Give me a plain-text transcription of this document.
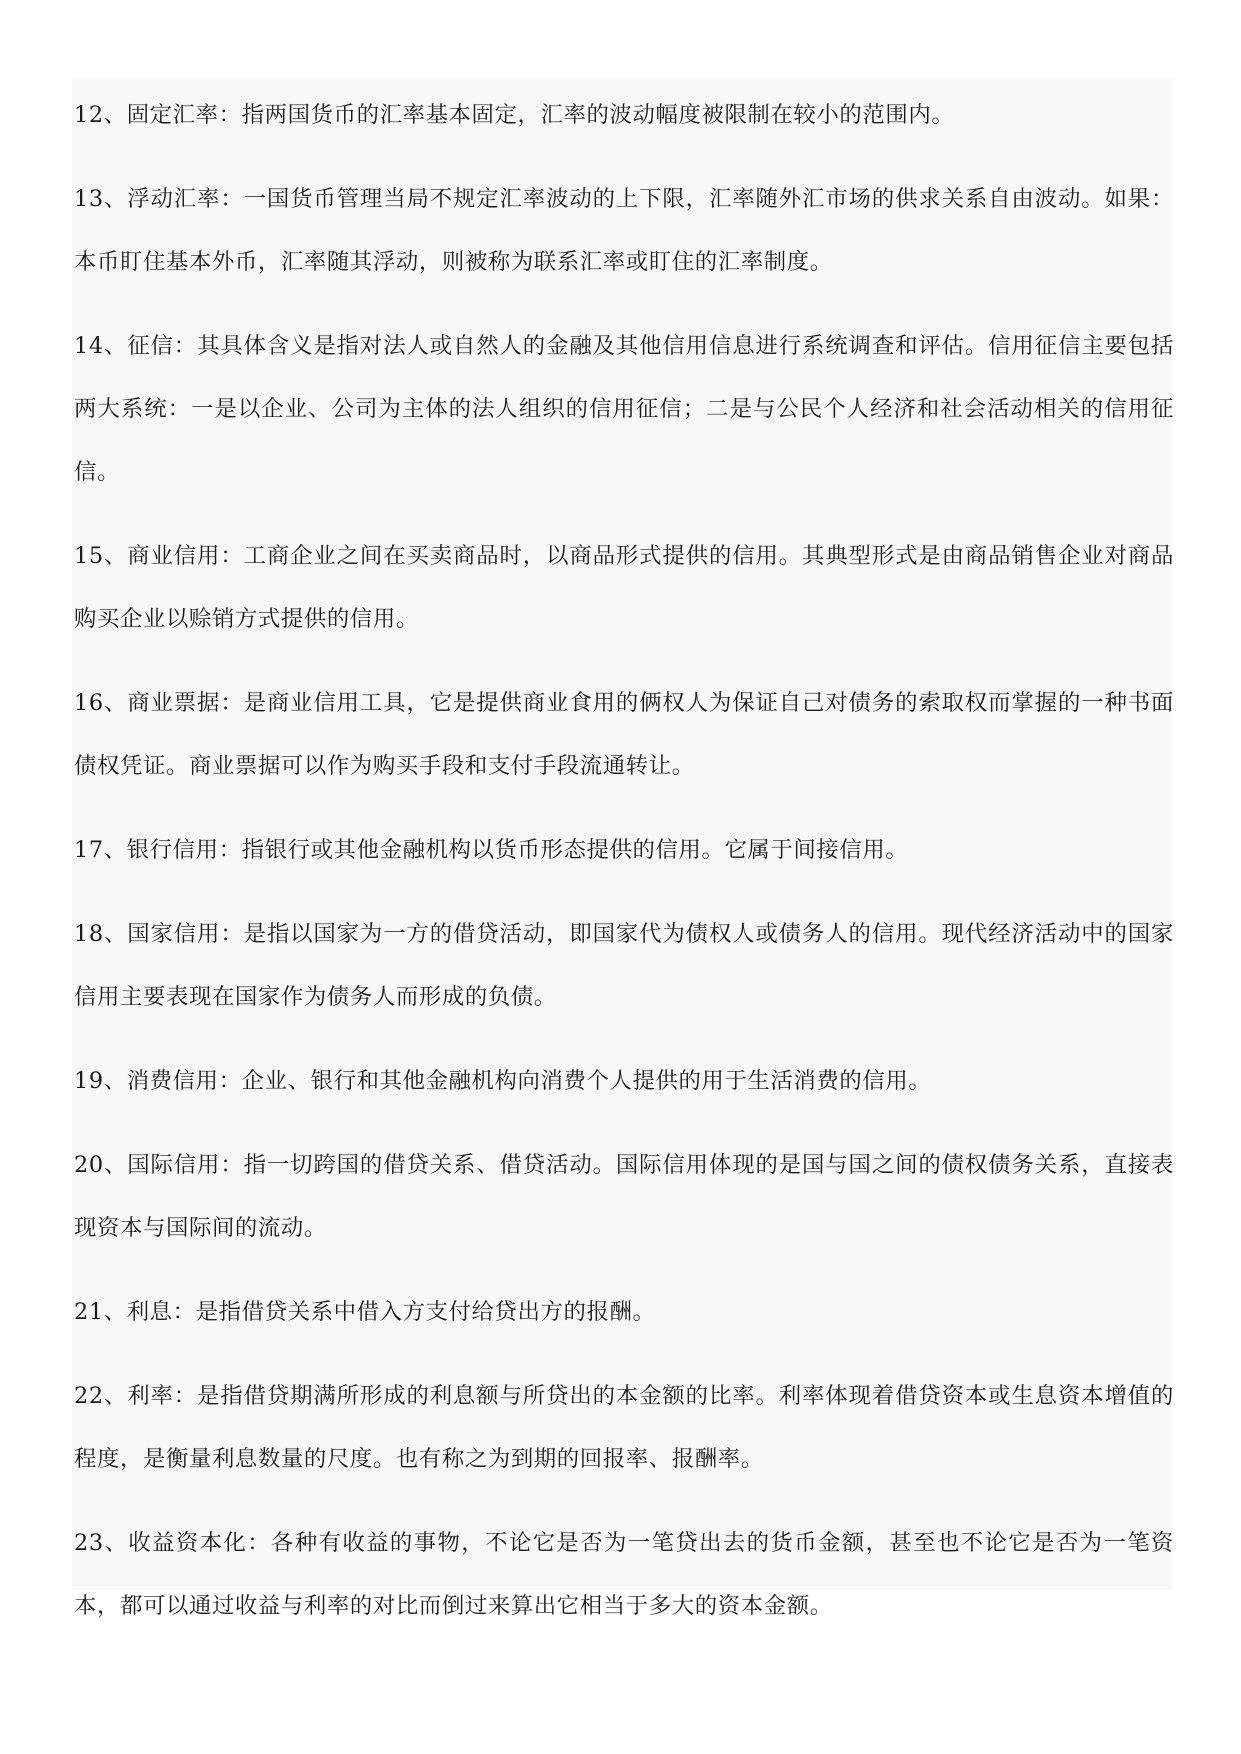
12、固定汇率：指两国货币的汇率基本固定，汇率的波动幅度被限制在较小的范围内。

13、浮动汇率：一国货币管理当局不规定汇率波动的上下限，汇率随外汇市场的供求关系自由波动。如果：本币盯住基本外币，汇率随其浮动，则被称为联系汇率或盯住的汇率制度。

14、征信：其具体含义是指对法人或自然人的金融及其他信用信息进行系统调查和评估。信用征信主要包括两大系统：一是以企业、公司为主体的法人组织的信用征信；二是与公民个人经济和社会活动相关的信用征信。

15、商业信用：工商企业之间在买卖商品时，以商品形式提供的信用。其典型形式是由商品销售企业对商品购买企业以赊销方式提供的信用。

16、商业票据：是商业信用工具，它是提供商业食用的俩权人为保证自己对债务的索取权而掌握的一种书面债权凭证。商业票据可以作为购买手段和支付手段流通转让。

17、银行信用：指银行或其他金融机构以货币形态提供的信用。它属于间接信用。

18、国家信用：是指以国家为一方的借贷活动，即国家代为债权人或债务人的信用。现代经济活动中的国家信用主要表现在国家作为债务人而形成的负债。

19、消费信用：企业、银行和其他金融机构向消费个人提供的用于生活消费的信用。

20、国际信用：指一切跨国的借贷关系、借贷活动。国际信用体现的是国与国之间的债权债务关系，直接表现资本与国际间的流动。

21、利息：是指借贷关系中借入方支付给贷出方的报酬。

22、利率：是指借贷期满所形成的利息额与所贷出的本金额的比率。利率体现着借贷资本或生息资本增值的程度，是衡量利息数量的尺度。也有称之为到期的回报率、报酬率。

23、收益资本化：各种有收益的事物，不论它是否为一笔贷出去的货币金额，甚至也不论它是否为一笔资本，都可以通过收益与利率的对比而倒过来算出它相当于多大的资本金额。
